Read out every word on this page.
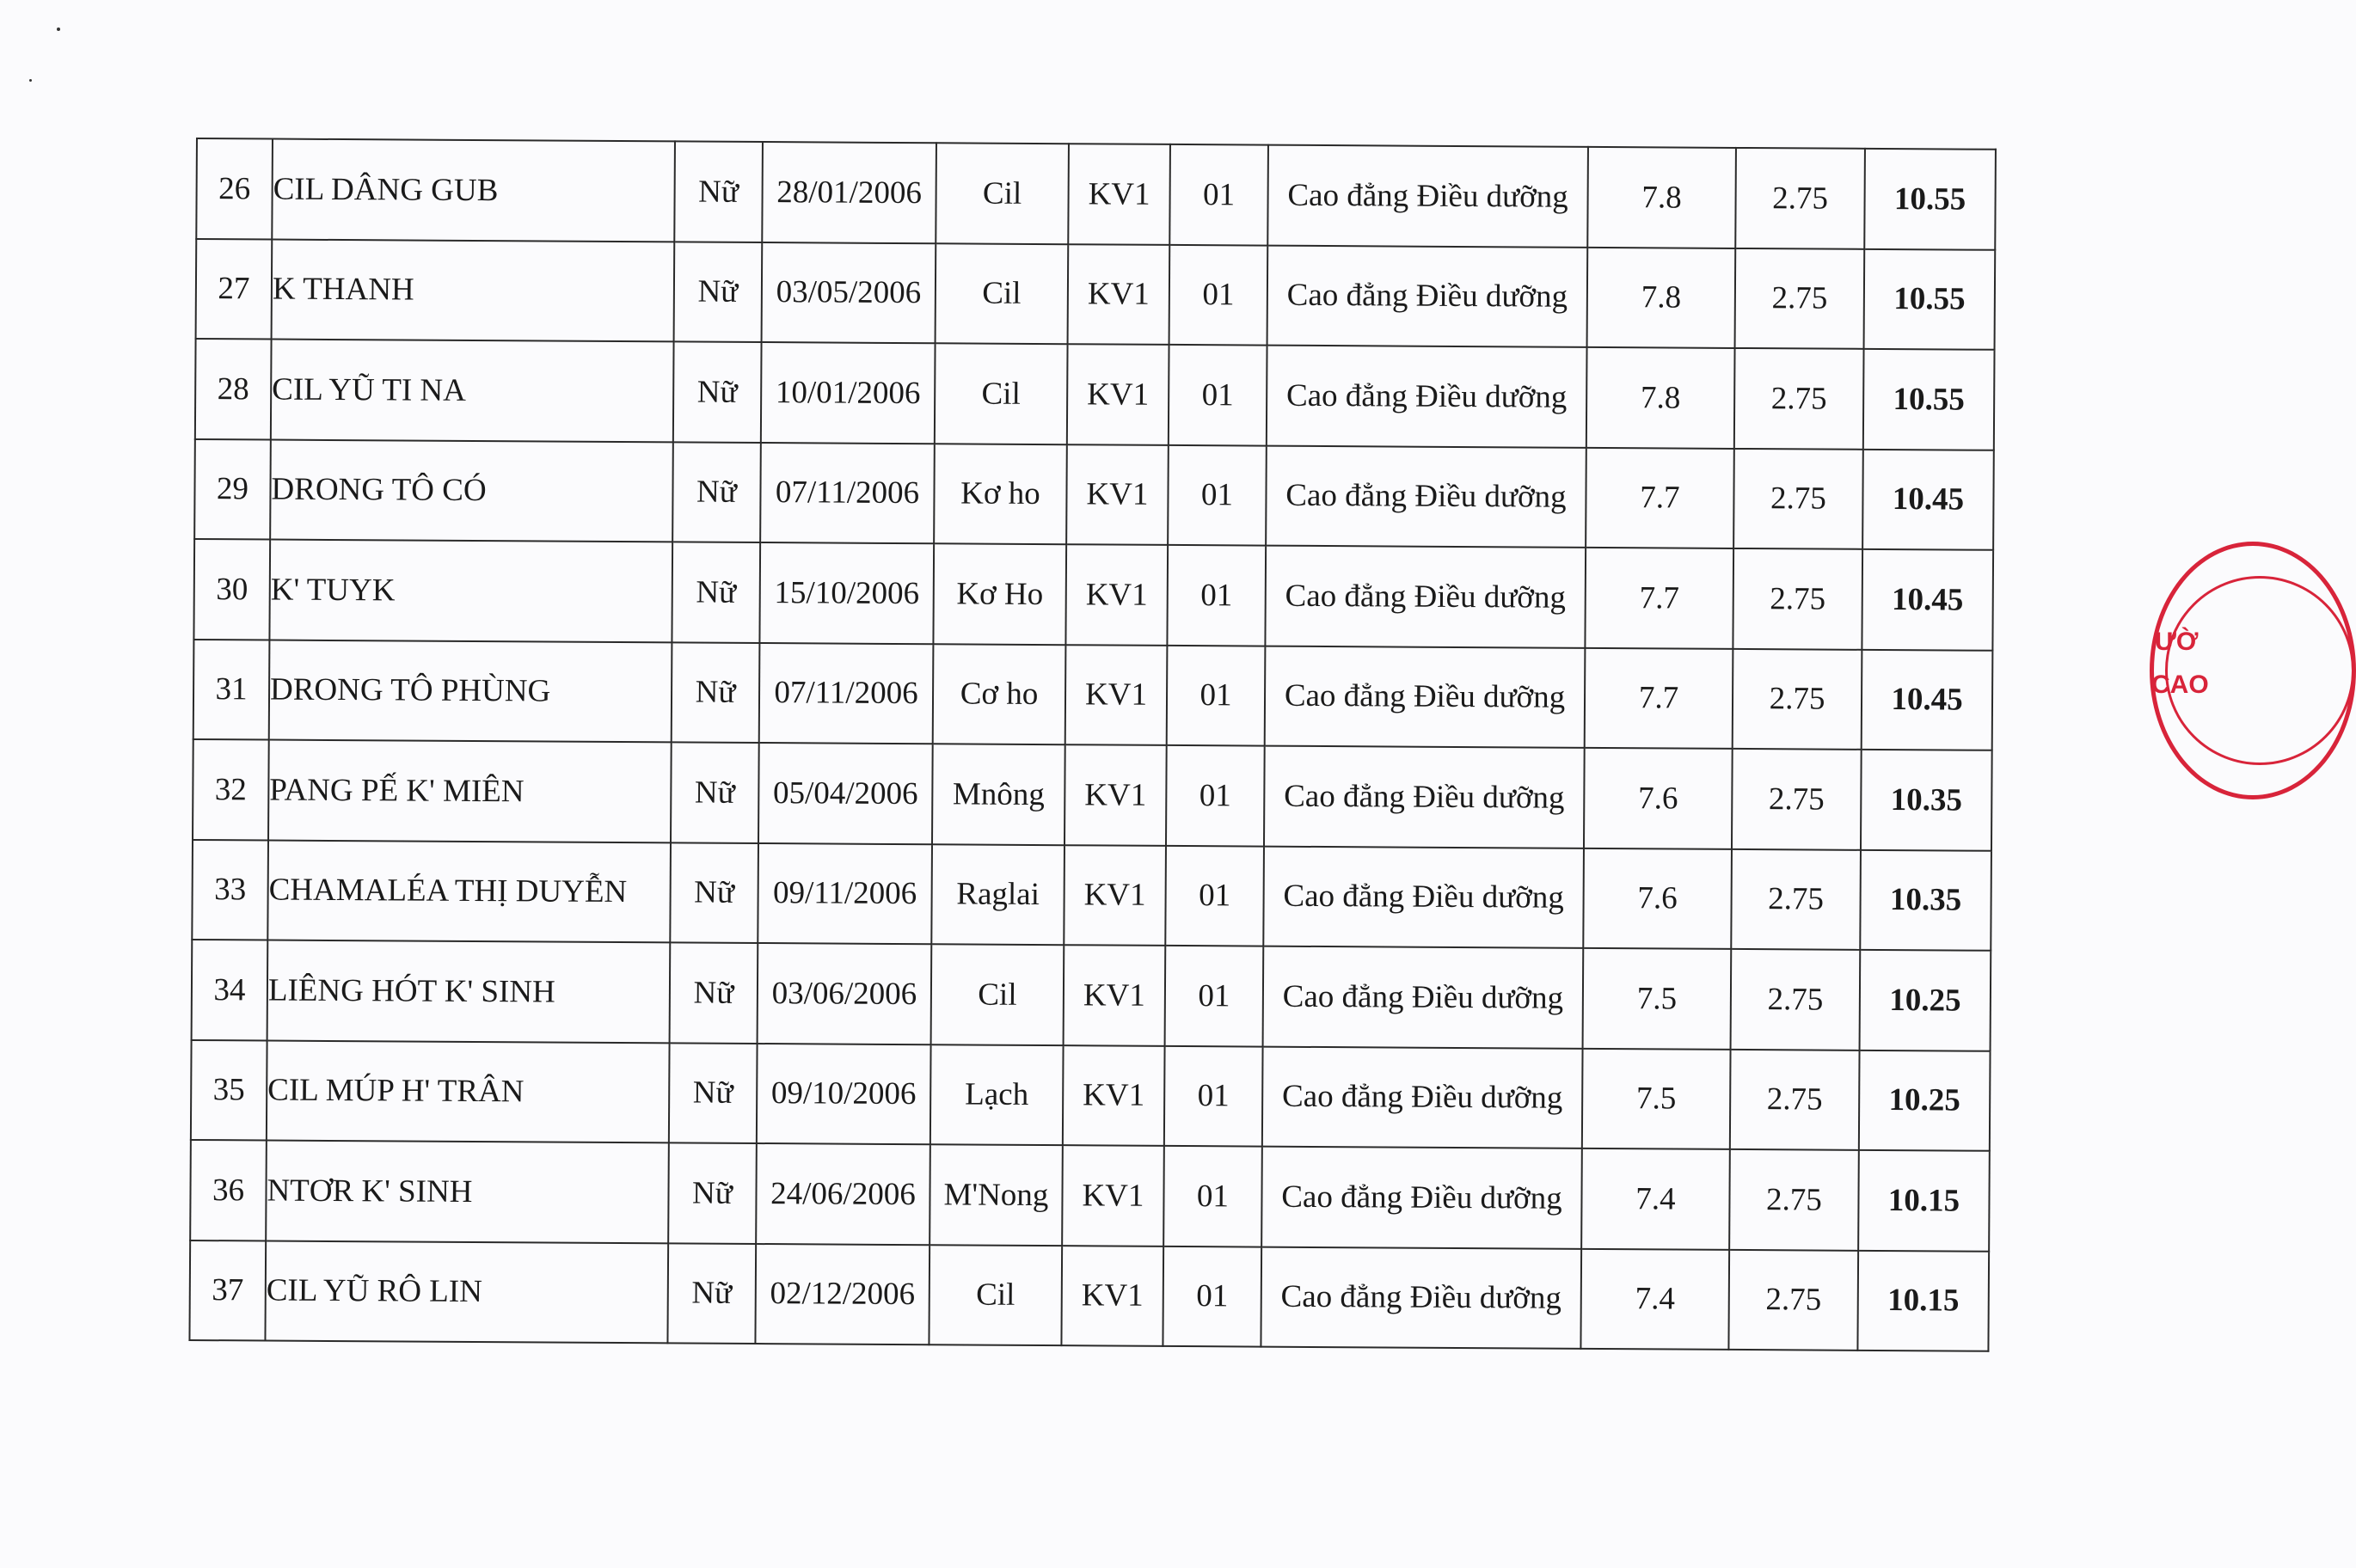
26	CIL DÂNG GUB	Nữ	28/01/2006	Cil	KV1	01	Cao đẳng Điều dưỡng	7.8	2.75	10.55
27	K THANH	Nữ	03/05/2006	Cil	KV1	01	Cao đẳng Điều dưỡng	7.8	2.75	10.55
28	CIL YŨ TI NA	Nữ	10/01/2006	Cil	KV1	01	Cao đẳng Điều dưỡng	7.8	2.75	10.55
29	DRONG TÔ CÓ	Nữ	07/11/2006	Kơ ho	KV1	01	Cao đẳng Điều dưỡng	7.7	2.75	10.45
30	K' TUYK	Nữ	15/10/2006	Kơ Ho	KV1	01	Cao đẳng Điều dưỡng	7.7	2.75	10.45
31	DRONG TÔ PHÙNG	Nữ	07/11/2006	Cơ ho	KV1	01	Cao đẳng Điều dưỡng	7.7	2.75	10.45
32	PANG PẾ K' MIÊN	Nữ	05/04/2006	Mnông	KV1	01	Cao đẳng Điều dưỡng	7.6	2.75	10.35
33	CHAMALÉA THỊ DUYỄN	Nữ	09/11/2006	Raglai	KV1	01	Cao đẳng Điều dưỡng	7.6	2.75	10.35
34	LIÊNG HÓT K' SINH	Nữ	03/06/2006	Cil	KV1	01	Cao đẳng Điều dưỡng	7.5	2.75	10.25
35	CIL MÚP H' TRÂN	Nữ	09/10/2006	Lạch	KV1	01	Cao đẳng Điều dưỡng	7.5	2.75	10.25
36	NTƠR K' SINH	Nữ	24/06/2006	M'Nong	KV1	01	Cao đẳng Điều dưỡng	7.4	2.75	10.15
37	CIL YŨ RÔ LIN	Nữ	02/12/2006	Cil	KV1	01	Cao đẳng Điều dưỡng	7.4	2.75	10.15
ƯỜ
CAO
